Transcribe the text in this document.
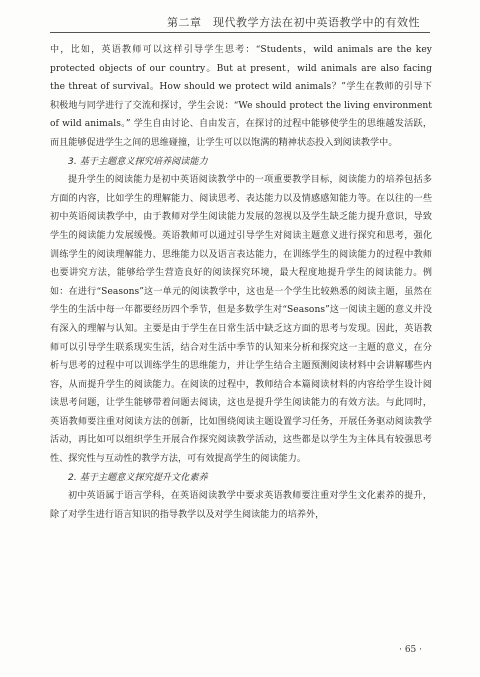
第二章　现代教学方法在初中英语教学中的有效性

中，比如，英语教师可以这样引导学生思考：“Students，wild animals are the key protected objects of our country。But at present，wild animals are also facing the threat of survival。How should we protect wild animals？”学生在教师的引导下积极地与同学进行了交流和探讨，学生会说：“We should protect the living environment of wild animals。” 学生自由讨论、自由发言，在探讨的过程中能够使学生的思维越发活跃，而且能够促进学生之间的思维碰撞，让学生可以以饱满的精神状态投入到阅读教学中。

3. 基于主题意义探究培养阅读能力

提升学生的阅读能力是初中英语阅读教学中的一项重要教学目标，阅读能力的培养包括多方面的内容，比如学生的理解能力、阅读思考、表达能力以及情感感知能力等。在以往的一些初中英语阅读教学中，由于教师对学生阅读能力发展的忽视以及学生缺乏能力提升意识，导致学生的阅读能力发展缓慢。英语教师可以通过引导学生对阅读主题意义进行探究和思考，强化训练学生的阅读理解能力、思维能力以及语言表达能力，在训练学生的阅读能力的过程中教师也要讲究方法，能够给学生营造良好的阅读探究环境，最大程度地提升学生的阅读能力。例如：在进行“Seasons”这一单元的阅读教学中，这也是一个学生比较熟悉的阅读主题，虽然在学生的生活中每一年都要经历四个季节，但是多数学生对“Seasons”这一阅读主题的意义并没有深入的理解与认知。主要是由于学生在日常生活中缺乏这方面的思考与发现。因此，英语教师可以引导学生联系现实生活，结合对生活中季节的认知来分析和探究这一主题的意义，在分析与思考的过程中可以训练学生的思维能力，并让学生结合主题预测阅读材料中会讲解哪些内容，从而提升学生的阅读能力。在阅读的过程中，教师结合本篇阅读材料的内容给学生设计阅读思考问题，让学生能够带着问题去阅读，这也是提升学生阅读能力的有效方法。与此同时，英语教师要注重对阅读方法的创新，比如围绕阅读主题设置学习任务，开展任务驱动阅读教学活动，再比如可以组织学生开展合作探究阅读教学活动，这些都是以学生为主体具有较强思考性、探究性与互动性的教学方法，可有效提高学生的阅读能力。

2. 基于主题意义探究提升文化素养

初中英语属于语言学科，在英语阅读教学中要求英语教师要注重对学生文化素养的提升，除了对学生进行语言知识的指导教学以及对学生阅读能力的培养外，

· 65 ·
